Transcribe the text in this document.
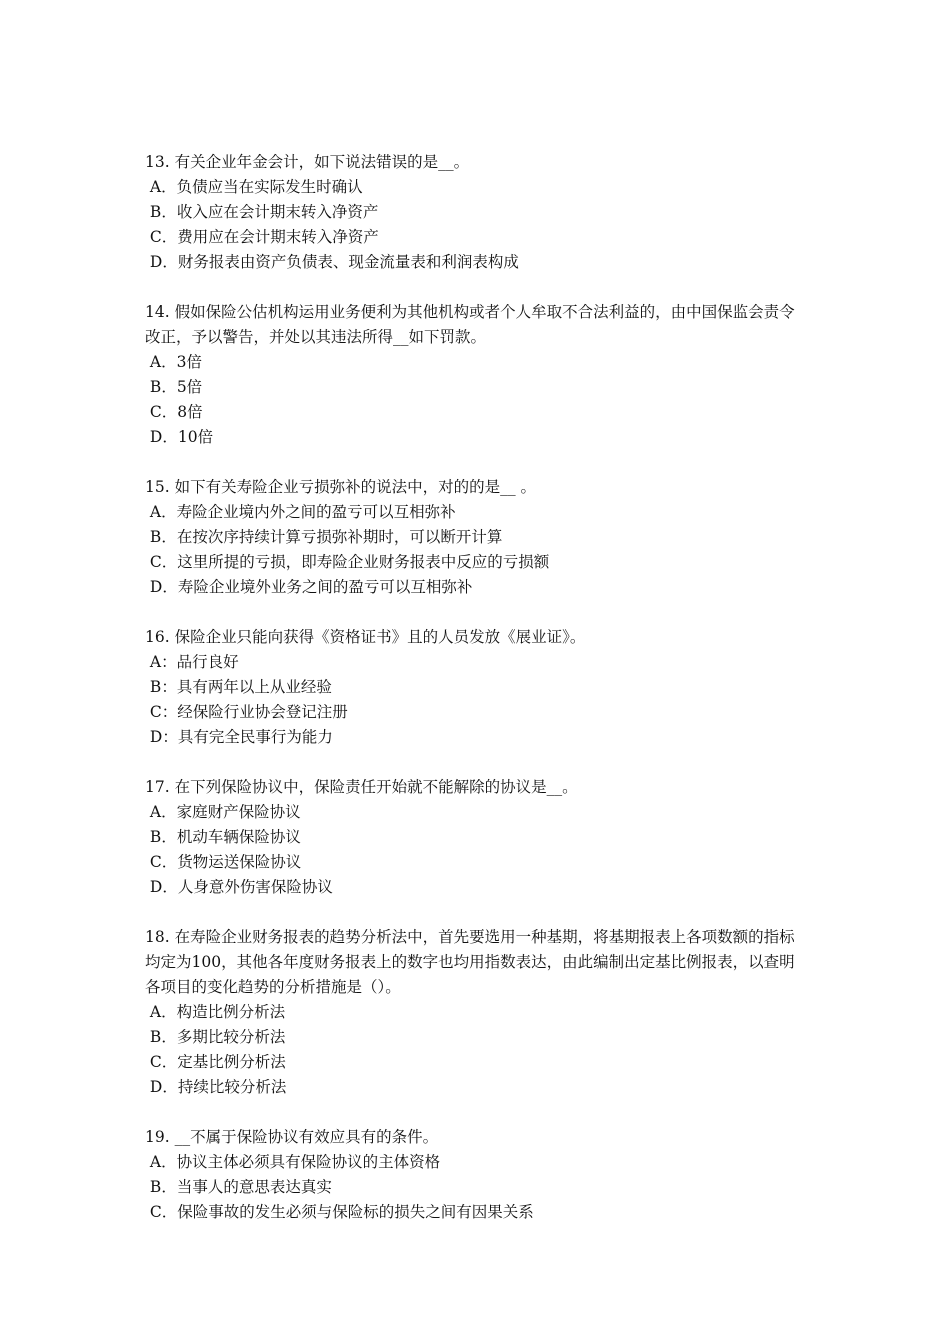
13. 有关企业年金会计，如下说法错误的是__。

A．负债应当在实际发生时确认

B．收入应在会计期末转入净资产

C．费用应在会计期末转入净资产

D．财务报表由资产负债表、现金流量表和利润表构成

14. 假如保险公估机构运用业务便利为其他机构或者个人牟取不合法利益的，由中国保监会责令改正，予以警告，并处以其违法所得__如下罚款。

A．3倍

B．5倍

C．8倍

D．10倍

15. 如下有关寿险企业亏损弥补的说法中，对的的是__ 。

A．寿险企业境内外之间的盈亏可以互相弥补

B．在按次序持续计算亏损弥补期时，可以断开计算

C．这里所提的亏损，即寿险企业财务报表中反应的亏损额

D．寿险企业境外业务之间的盈亏可以互相弥补

16. 保险企业只能向获得《资格证书》且的人员发放《展业证》。

A：品行良好

B：具有两年以上从业经验

C：经保险行业协会登记注册

D：具有完全民事行为能力

17. 在下列保险协议中，保险责任开始就不能解除的协议是__。

A．家庭财产保险协议

B．机动车辆保险协议

C．货物运送保险协议

D．人身意外伤害保险协议

18. 在寿险企业财务报表的趋势分析法中，首先要选用一种基期，将基期报表上各项数额的指标均定为100，其他各年度财务报表上的数字也均用指数表达，由此编制出定基比例报表，以查明各项目的变化趋势的分析措施是（）。

A．构造比例分析法

B．多期比较分析法

C．定基比例分析法

D．持续比较分析法

19. __不属于保险协议有效应具有的条件。

A．协议主体必须具有保险协议的主体资格

B．当事人的意思表达真实

C．保险事故的发生必须与保险标的损失之间有因果关系
